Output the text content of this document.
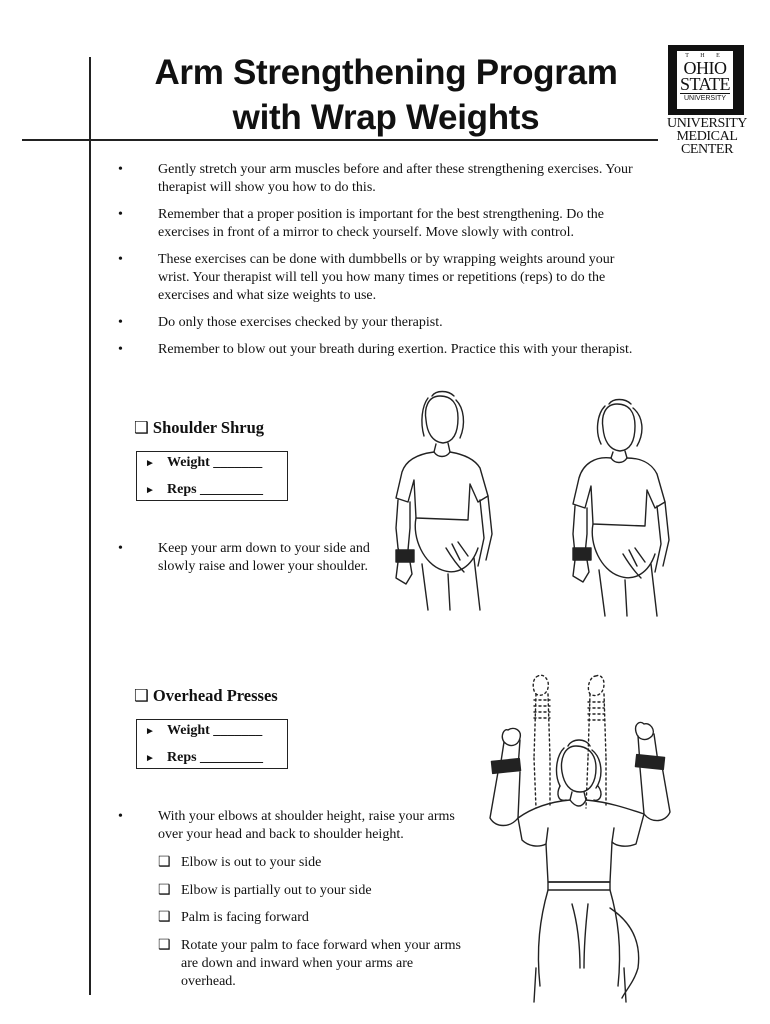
Arm Strengthening Program
with Wrap Weights
T H E
OHIO
STATE
UNIVERSITY
UNIVERSITY
MEDICAL
CENTER
•	Gently stretch your arm muscles before and after these strengthening exercises. Your therapist will show you how to do this.
•	Remember that a proper position is important for the best strengthening. Do the exercises in front of a mirror to check yourself. Move slowly with control.
•	These exercises can be done with dumbbells or by wrapping weights around your wrist. Your therapist will tell you how many times or repetitions (reps) to do the exercises and what size weights to use.
•	Do only those exercises checked by your therapist.
•	Remember to blow out your breath during exertion. Practice this with your therapist.
❑ Shoulder Shrug
► Weight _______
► Reps _________
•	Keep your arm down to your side and slowly raise and lower your shoulder.
❑ Overhead Presses
► Weight _______
► Reps _________
•	With your elbows at shoulder height, raise your arms over your head and back to shoulder height.
❑ Elbow is out to your side
❑ Elbow is partially out to your side
❑ Palm is facing forward
❑ Rotate your palm to face forward when your arms are down and inward when your arms are overhead.
